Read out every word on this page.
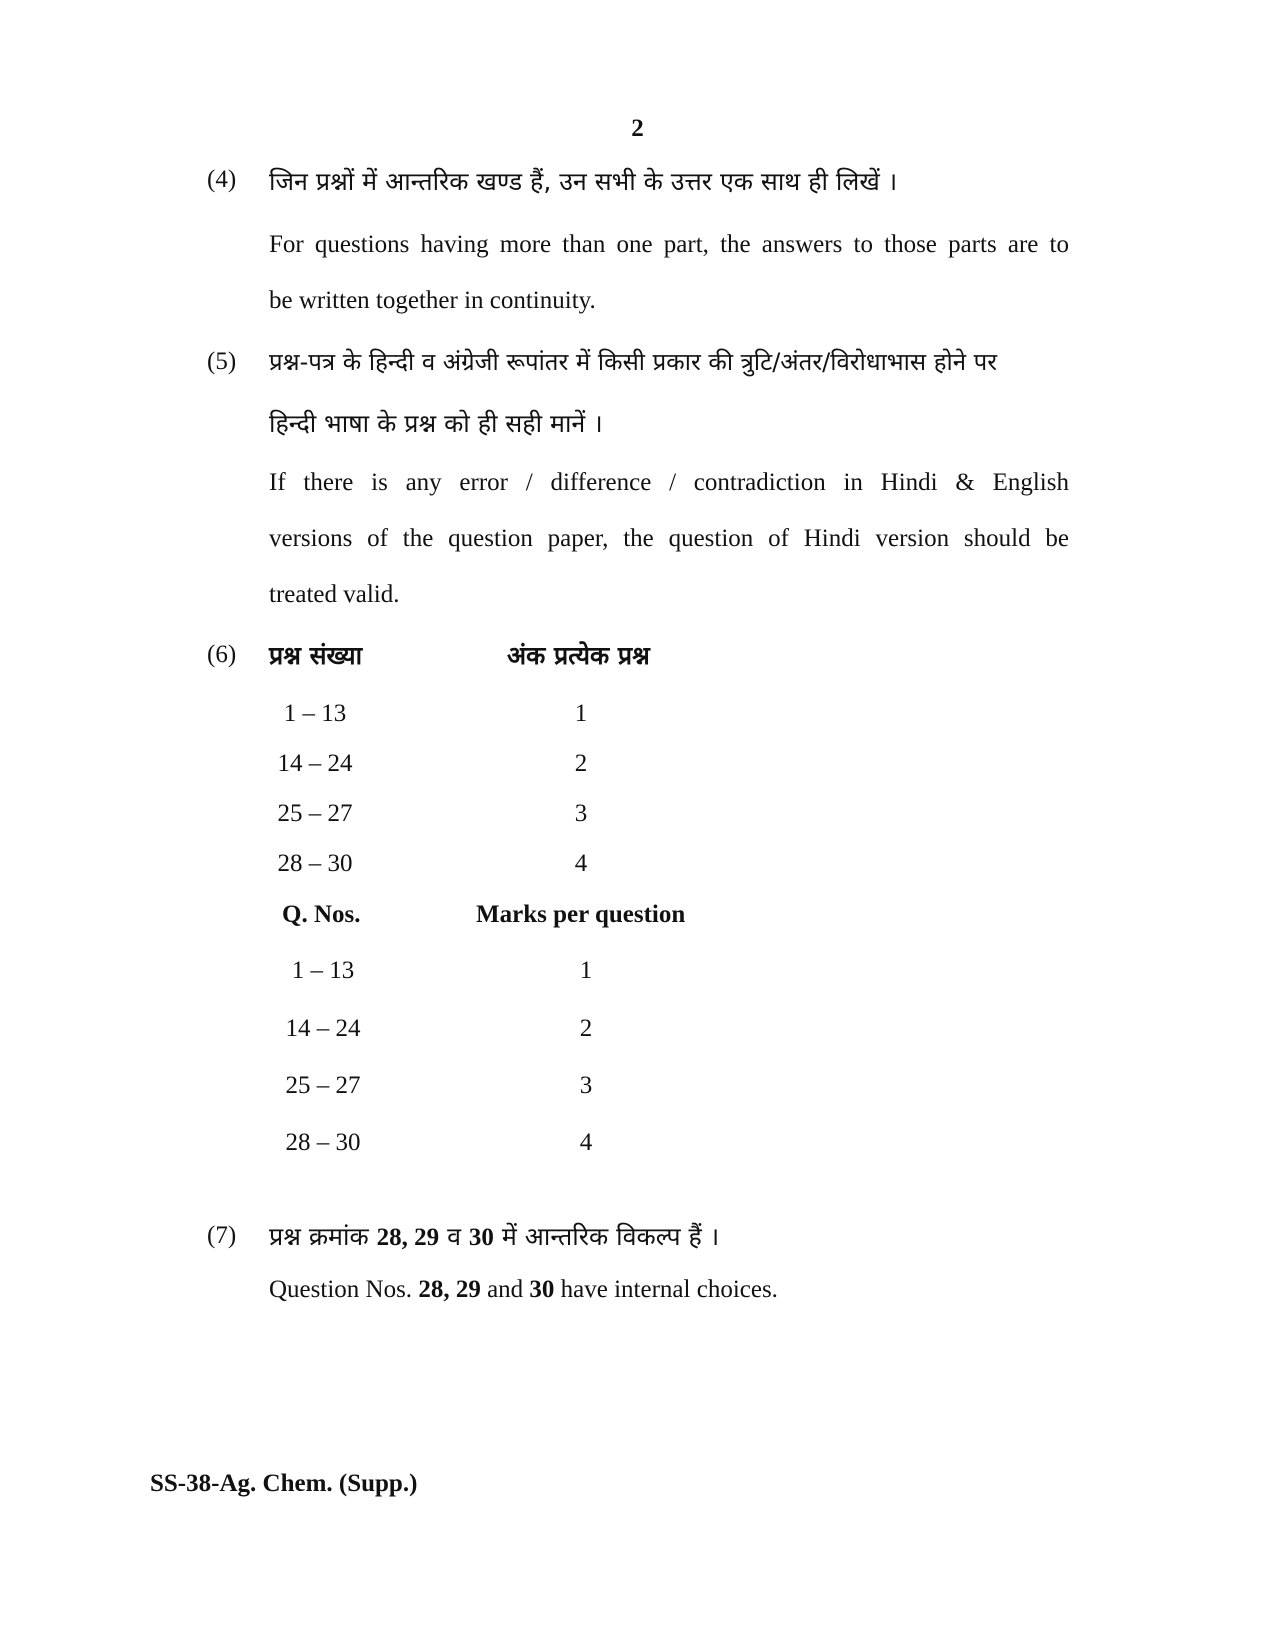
2
(4) जिन प्रश्नों में आन्तरिक खण्ड हैं, उन सभी के उत्तर एक साथ ही लिखें ।
For questions having more than one part, the answers to those parts are to
be written together in continuity.
(5) प्रश्न-पत्र के हिन्दी व अंग्रेजी रूपांतर में किसी प्रकार की त्रुटि/अंतर/विरोधाभास होने पर
हिन्दी भाषा के प्रश्न को ही सही मानें ।
If there is any error / difference / contradiction in Hindi & English
versions of the question paper, the question of Hindi version should be
treated valid.
(6) प्रश्न संख्या	अंक प्रत्येक प्रश्न
1 – 13	1
14 – 24	2
25 – 27	3
28 – 30	4
Q. Nos.	Marks per question
1 – 13	1
14 – 24	2
25 – 27	3
28 – 30	4
(7) प्रश्न क्रमांक 28, 29 व 30 में आन्तरिक विकल्प हैं ।
Question Nos. 28, 29 and 30 have internal choices.
SS-38-Ag. Chem. (Supp.)
